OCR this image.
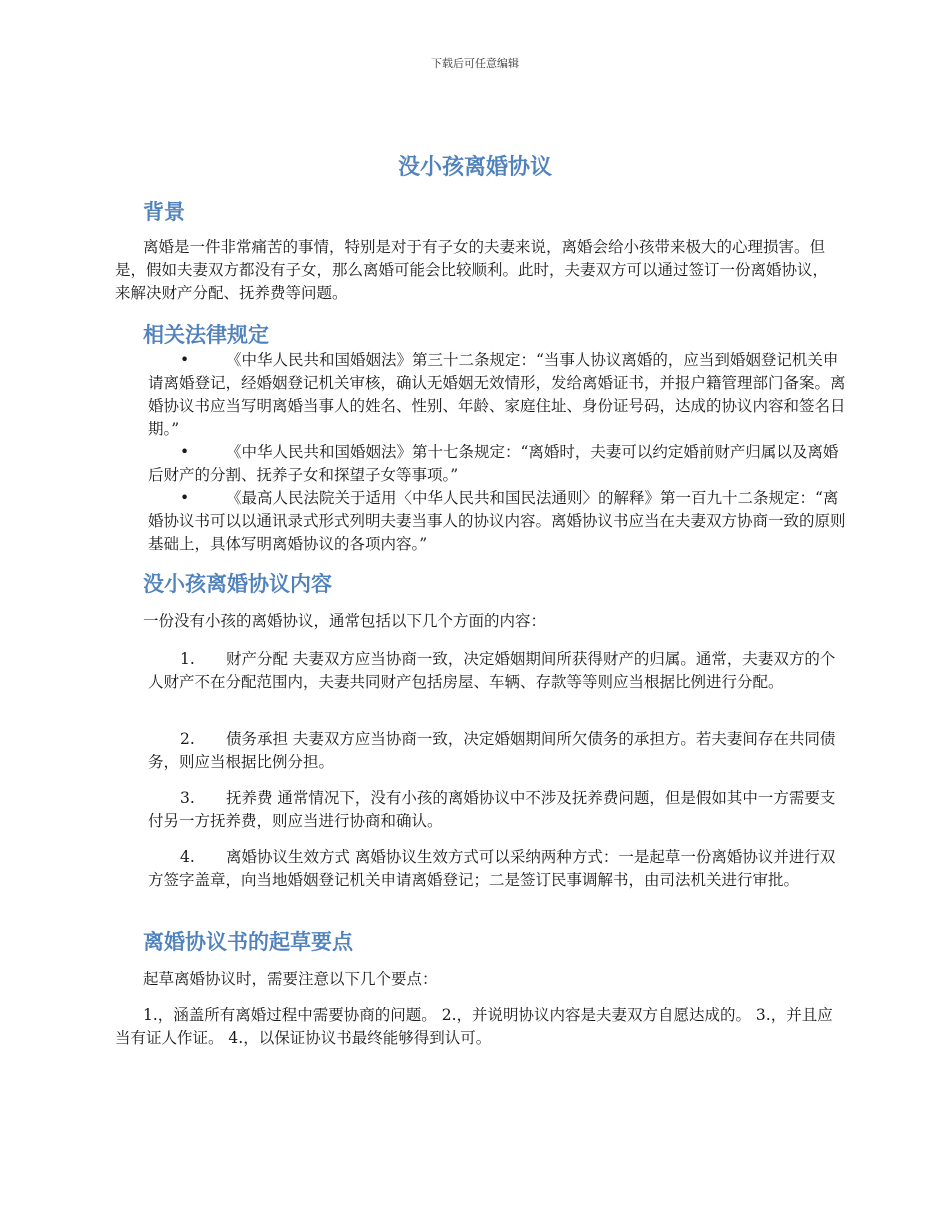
下载后可任意编辑
没小孩离婚协议
背景
离婚是一件非常痛苦的事情，特别是对于有子女的夫妻来说，离婚会给小孩带来极大的心理损害。但是，假如夫妻双方都没有子女，那么离婚可能会比较顺利。此时，夫妻双方可以通过签订一份离婚协议，来解决财产分配、抚养费等问题。
相关法律规定
• 《中华人民共和国婚姻法》第三十二条规定：“当事人协议离婚的，应当到婚姻登记机关申请离婚登记，经婚姻登记机关审核，确认无婚姻无效情形，发给离婚证书，并报户籍管理部门备案。离婚协议书应当写明离婚当事人的姓名、性别、年龄、家庭住址、身份证号码，达成的协议内容和签名日期。”
• 《中华人民共和国婚姻法》第十七条规定：“离婚时，夫妻可以约定婚前财产归属以及离婚后财产的分割、抚养子女和探望子女等事项。”
• 《最高人民法院关于适用〈中华人民共和国民法通则〉的解释》第一百九十二条规定：“离婚协议书可以以通讯录式形式列明夫妻当事人的协议内容。离婚协议书应当在夫妻双方协商一致的原则基础上，具体写明离婚协议的各项内容。”
没小孩离婚协议内容
一份没有小孩的离婚协议，通常包括以下几个方面的内容：
1. 财产分配 夫妻双方应当协商一致，决定婚姻期间所获得财产的归属。通常，夫妻双方的个人财产不在分配范围内，夫妻共同财产包括房屋、车辆、存款等等则应当根据比例进行分配。
2. 债务承担 夫妻双方应当协商一致，决定婚姻期间所欠债务的承担方。若夫妻间存在共同债务，则应当根据比例分担。
3. 抚养费 通常情况下，没有小孩的离婚协议中不涉及抚养费问题，但是假如其中一方需要支付另一方抚养费，则应当进行协商和确认。
4. 离婚协议生效方式 离婚协议生效方式可以采纳两种方式：一是起草一份离婚协议并进行双方签字盖章，向当地婚姻登记机关申请离婚登记；二是签订民事调解书，由司法机关进行审批。
离婚协议书的起草要点
起草离婚协议时，需要注意以下几个要点：
1.，涵盖所有离婚过程中需要协商的问题。 2.，并说明协议内容是夫妻双方自愿达成的。 3.，并且应当有证人作证。 4.，以保证协议书最终能够得到认可。
